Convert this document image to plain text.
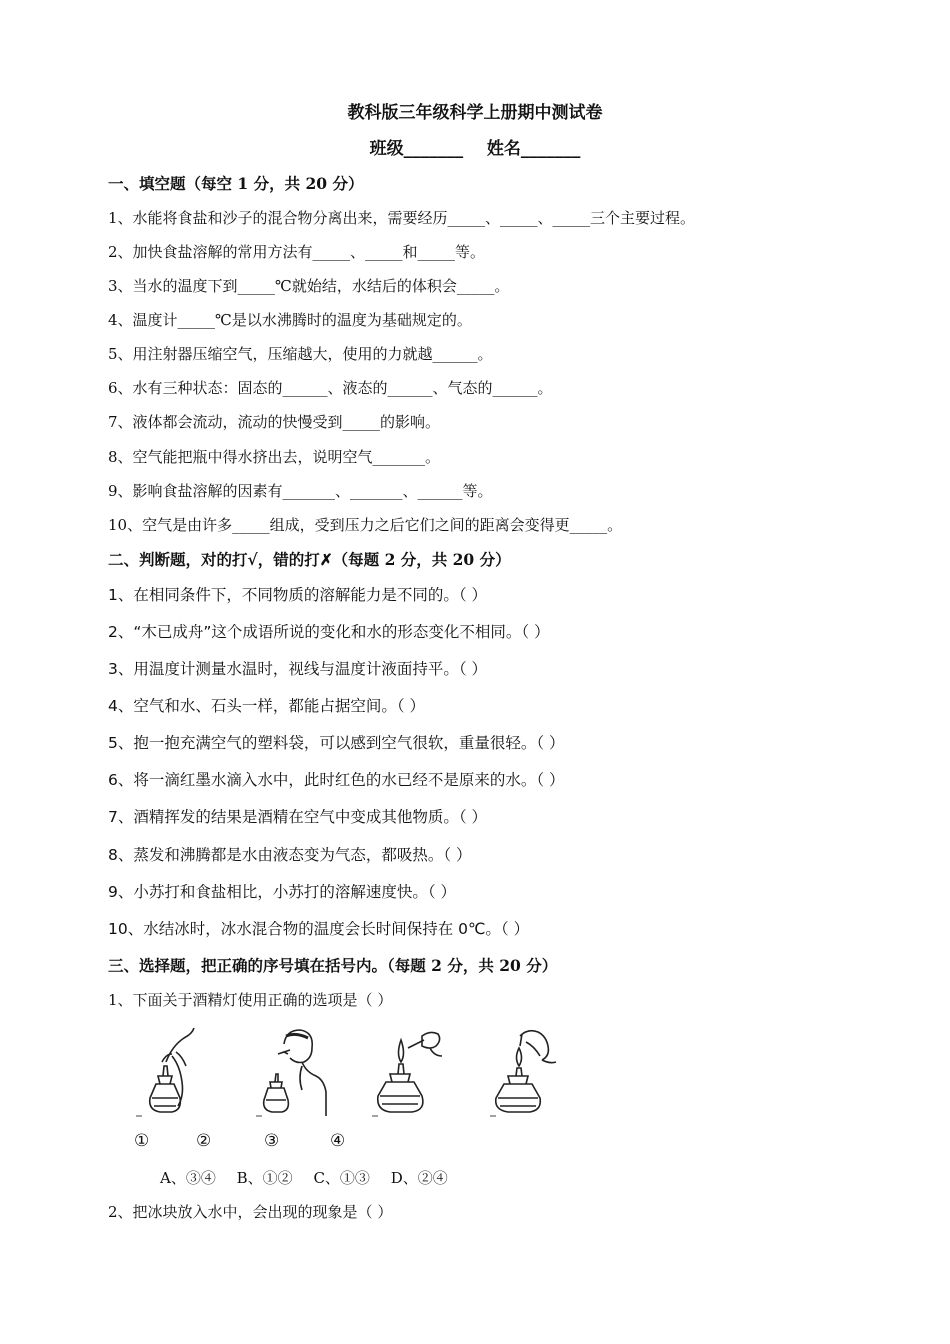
教科版三年级科学上册期中测试卷
班级_______    姓名_______
一、填空题（每空 1 分，共 20 分）
1、水能将食盐和沙子的混合物分离出来，需要经历_____、_____、_____三个主要过程。
2、加快食盐溶解的常用方法有_____、_____和_____等。
3、当水的温度下到_____℃就始结，水结后的体积会_____。
4、温度计_____℃是以水沸腾时的温度为基础规定的。
5、用注射器压缩空气，压缩越大，使用的力就越______。
6、水有三种状态：固态的______、液态的______、气态的______。
7、液体都会流动，流动的快慢受到_____的影响。
8、空气能把瓶中得水挤出去，说明空气_______。
9、影响食盐溶解的因素有_______、_______、______等。
10、空气是由许多_____组成，受到压力之后它们之间的距离会变得更_____。
二、判断题，对的打√，错的打✗（每题 2 分，共 20 分）
1、在相同条件下，不同物质的溶解能力是不同的。（ ）
2、“木已成舟”这个成语所说的变化和水的形态变化不相同。（ ）
3、用温度计测量水温时，视线与温度计液面持平。（ ）
4、空气和水、石头一样，都能占据空间。（ ）
5、抱一抱充满空气的塑料袋，可以感到空气很软，重量很轻。（ ）
6、将一滴红墨水滴入水中，此时红色的水已经不是原来的水。（ ）
7、酒精挥发的结果是酒精在空气中变成其他物质。（ ）
8、蒸发和沸腾都是水由液态变为气态，都吸热。（ ）
9、小苏打和食盐相比，小苏打的溶解速度快。（ ）
10、水结冰时，冰水混合物的温度会长时间保持在 0℃。（ ）
三、选择题，把正确的序号填在括号内。（每题 2 分，共 20 分）
1、下面关于酒精灯使用正确的选项是（ ）
①	②	③	④
A、③④ B、①② C、①③ D、②④
2、把冰块放入水中，会出现的现象是（ ）
